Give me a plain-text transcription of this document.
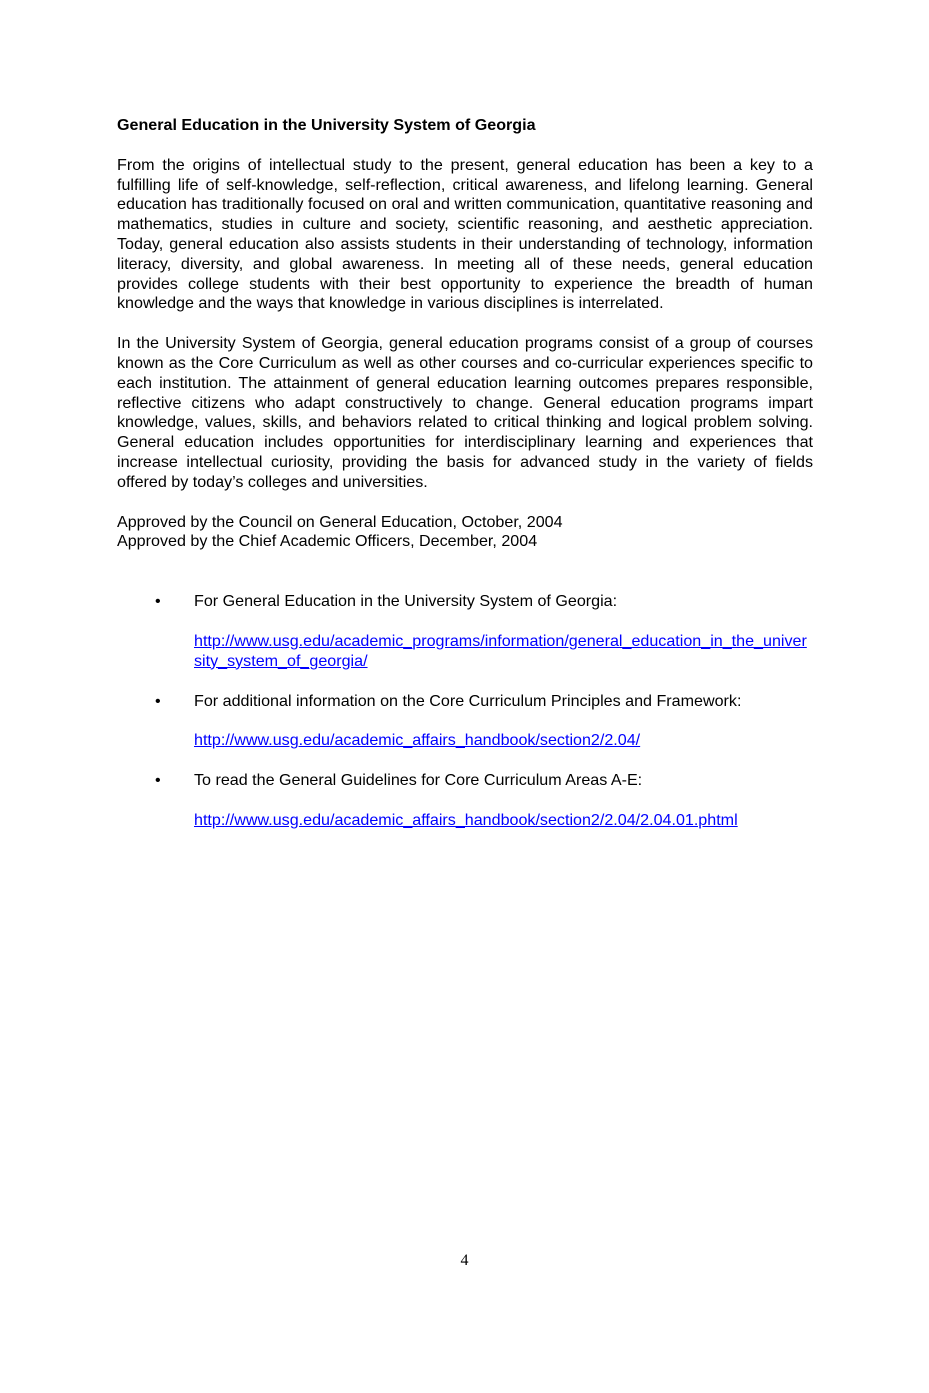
General Education in the University System of Georgia

From the origins of intellectual study to the present, general education has been a key to a fulfilling life of self-knowledge, self-reflection, critical awareness, and lifelong learning. General education has traditionally focused on oral and written communication, quantitative reasoning and mathematics, studies in culture and society, scientific reasoning, and aesthetic appreciation. Today, general education also assists students in their understanding of technology, information literacy, diversity, and global awareness. In meeting all of these needs, general education provides college students with their best opportunity to experience the breadth of human knowledge and the ways that knowledge in various disciplines is interrelated.

In the University System of Georgia, general education programs consist of a group of courses known as the Core Curriculum as well as other courses and co-curricular experiences specific to each institution. The attainment of general education learning outcomes prepares responsible, reflective citizens who adapt constructively to change. General education programs impart knowledge, values, skills, and behaviors related to critical thinking and logical problem solving. General education includes opportunities for interdisciplinary learning and experiences that increase intellectual curiosity, providing the basis for advanced study in the variety of fields offered by today’s colleges and universities.

Approved by the Council on General Education, October, 2004

Approved by the Chief Academic Officers, December, 2004

• For General Education in the University System of Georgia:

http://www.usg.edu/academic_programs/information/general_education_in_the_university_system_of_georgia/
• For additional information on the Core Curriculum Principles and Framework:

http://www.usg.edu/academic_affairs_handbook/section2/2.04/
• To read the General Guidelines for Core Curriculum Areas A-E:

http://www.usg.edu/academic_affairs_handbook/section2/2.04/2.04.01.phtml
4
